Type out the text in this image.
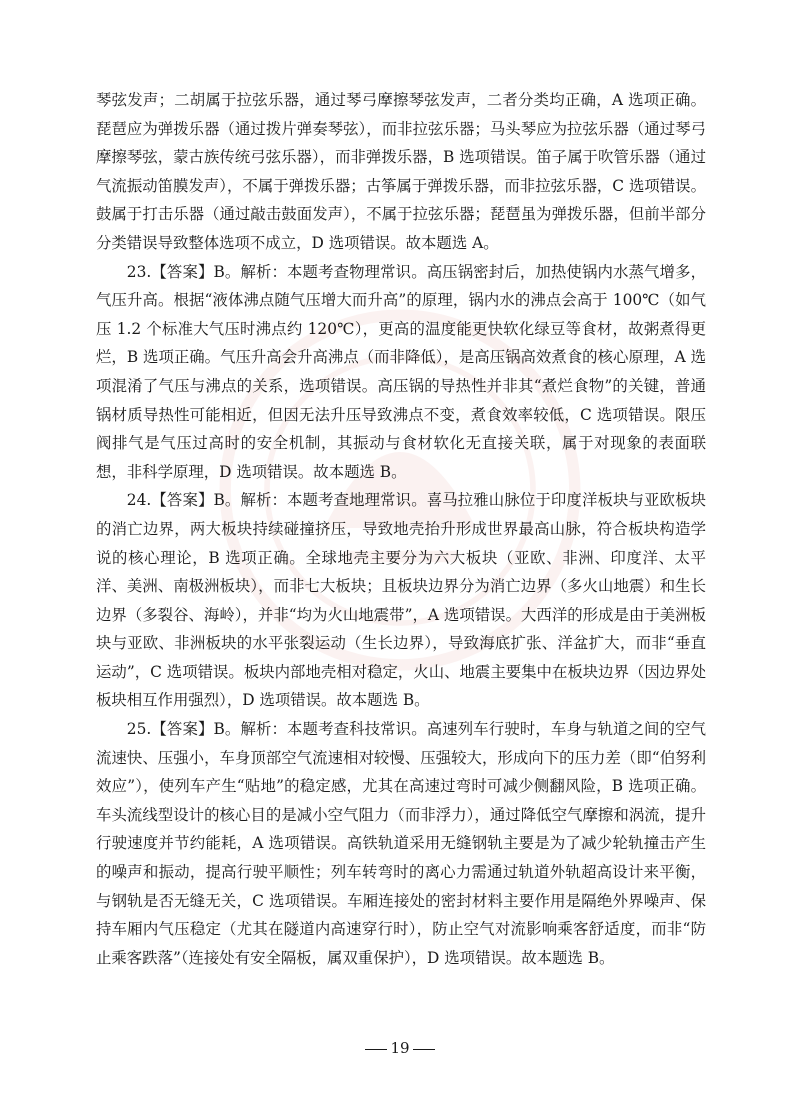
琴弦发声；二胡属于拉弦乐器，通过琴弓摩擦琴弦发声，二者分类均正确，A 选项正确。琵琶应为弹拨乐器（通过拨片弹奏琴弦），而非拉弦乐器；马头琴应为拉弦乐器（通过琴弓摩擦琴弦，蒙古族传统弓弦乐器），而非弹拨乐器，B 选项错误。笛子属于吹管乐器（通过气流振动笛膜发声），不属于弹拨乐器；古筝属于弹拨乐器，而非拉弦乐器，C 选项错误。鼓属于打击乐器（通过敲击鼓面发声），不属于拉弦乐器；琵琶虽为弹拨乐器，但前半部分分类错误导致整体选项不成立，D 选项错误。故本题选 A。

23.【答案】B。解析：本题考查物理常识。高压锅密封后，加热使锅内水蒸气增多，气压升高。根据“液体沸点随气压增大而升高”的原理，锅内水的沸点会高于 100℃（如气压 1.2 个标准大气压时沸点约 120℃），更高的温度能更快软化绿豆等食材，故粥煮得更烂，B 选项正确。气压升高会升高沸点（而非降低），是高压锅高效煮食的核心原理，A 选项混淆了气压与沸点的关系，选项错误。高压锅的导热性并非其“煮烂食物”的关键，普通锅材质导热性可能相近，但因无法升压导致沸点不变，煮食效率较低，C 选项错误。限压阀排气是气压过高时的安全机制，其振动与食材软化无直接关联，属于对现象的表面联想，非科学原理，D 选项错误。故本题选 B。

24.【答案】B。解析：本题考查地理常识。喜马拉雅山脉位于印度洋板块与亚欧板块的消亡边界，两大板块持续碰撞挤压，导致地壳抬升形成世界最高山脉，符合板块构造学说的核心理论，B 选项正确。全球地壳主要分为六大板块（亚欧、非洲、印度洋、太平洋、美洲、南极洲板块），而非七大板块；且板块边界分为消亡边界（多火山地震）和生长边界（多裂谷、海岭），并非“均为火山地震带”，A 选项错误。大西洋的形成是由于美洲板块与亚欧、非洲板块的水平张裂运动（生长边界），导致海底扩张、洋盆扩大，而非“垂直运动”，C 选项错误。板块内部地壳相对稳定，火山、地震主要集中在板块边界（因边界处板块相互作用强烈），D 选项错误。故本题选 B。

25.【答案】B。解析：本题考查科技常识。高速列车行驶时，车身与轨道之间的空气流速快、压强小，车身顶部空气流速相对较慢、压强较大，形成向下的压力差（即“伯努利效应”），使列车产生“贴地”的稳定感，尤其在高速过弯时可减少侧翻风险，B 选项正确。车头流线型设计的核心目的是减小空气阻力（而非浮力），通过降低空气摩擦和涡流，提升行驶速度并节约能耗，A 选项错误。高铁轨道采用无缝钢轨主要是为了减少轮轨撞击产生的噪声和振动，提高行驶平顺性；列车转弯时的离心力需通过轨道外轨超高设计来平衡，与钢轨是否无缝无关，C 选项错误。车厢连接处的密封材料主要作用是隔绝外界噪声、保持车厢内气压稳定（尤其在隧道内高速穿行时），防止空气对流影响乘客舒适度，而非“防止乘客跌落”（连接处有安全隔板，属双重保护），D 选项错误。故本题选 B。

19
